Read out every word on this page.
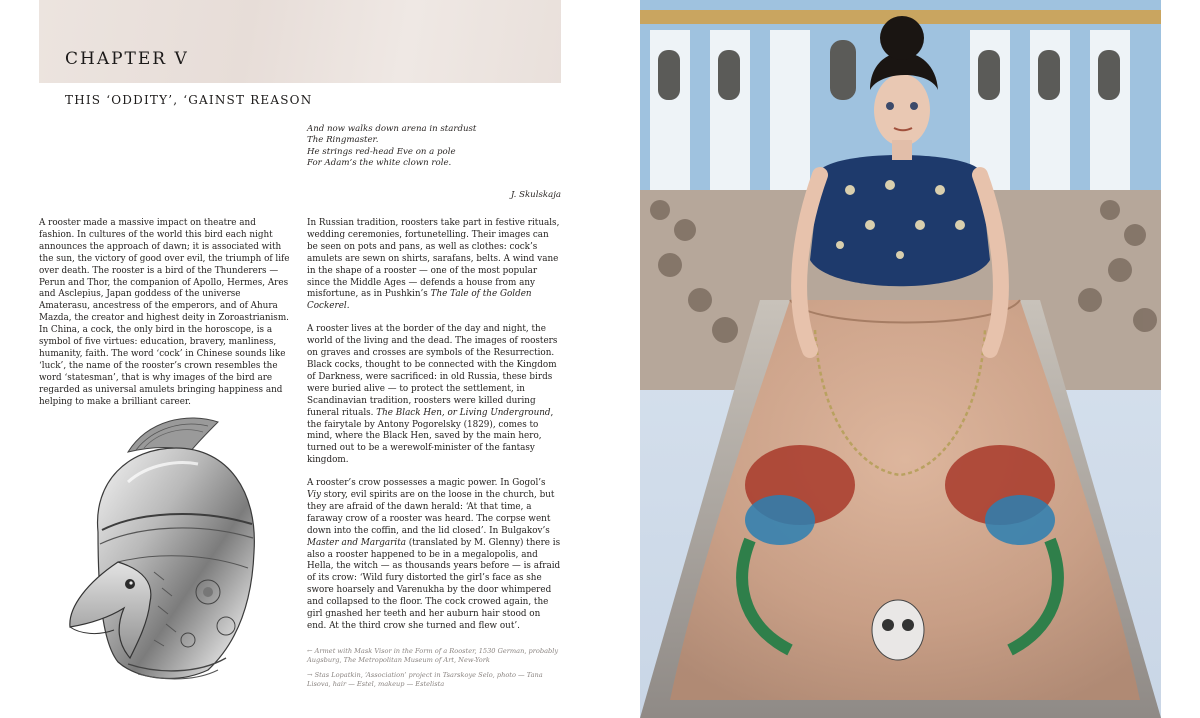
CHAPTER V
THIS ‘ODDITY’, ‘GAINST REASON
And now walks down arena in stardust
The Ringmaster.
He strings red-head Eve on a pole
For Adam’s the white clown role.
J. Skulskaja

A rooster made a massive impact on theatre and fashion. In cultures of the world this bird each night announces the approach of dawn; it is associated with the sun, the victory of good over evil, the triumph of life over death. The rooster is a bird of the Thunderers — Perun and Thor, the companion of Apollo, Hermes, Ares and Asclepius, Japan goddess of the universe Amaterasu, ancestress of the emperors, and of Ahura Mazda, the creator and highest deity in Zoroastrianism. In China, a cock, the only bird in the horoscope, is a symbol of five virtues: education, bravery, manliness, humanity, faith. The word ‘cock’ in Chinese sounds like ‘luck’, the name of the rooster’s crown resembles the word ‘statesman’, that is why images of the bird are regarded as universal amulets bringing happiness and helping to make a brilliant career.

In Russian tradition, roosters take part in festive rituals, wedding ceremonies, fortunetelling. Their images can be seen on pots and pans, as well as clothes: cock’s amulets are sewn on shirts, sarafans, belts. A wind vane in the shape of a rooster — one of the most popular since the Middle Ages — defends a house from any misfortune, as in Pushkin’s The Tale of the Golden Cockerel.

A rooster lives at the border of the day and night, the world of the living and the dead. The images of roosters on graves and crosses are symbols of the Resurrection. Black cocks, thought to be connected with the Kingdom of Darkness, were sacrificed: in old Russia, these birds were buried alive — to protect the settlement, in Scandinavian tradition, roosters were killed during funeral rituals. The Black Hen, or Living Underground, the fairytale by Antony Pogorelsky (1829), comes to mind, where the Black Hen, saved by the main hero, turned out to be a werewolf-minister of the fantasy kingdom.

A rooster’s crow possesses a magic power. In Gogol’s Viy story, evil spirits are on the loose in the church, but they are afraid of the dawn herald: ‘At that time, a faraway crow of a rooster was heard. The corpse went down into the coffin, and the lid closed’. In Bulgakov’s Master and Margarita (translated by M. Glenny) there is also a rooster happened to be in a megalopolis, and Hella, the witch — as thousands years before — is afraid of its crow: ‘Wild fury distorted the girl’s face as she swore hoarsely and Varenukha by the door whimpered and collapsed to the floor. The cock crowed again, the girl gnashed her teeth and her auburn hair stood on end. At the third crow she turned and flew out’.

← Armet with Mask Visor in the Form of a Rooster, 1530 German, probably Augsburg, The Metropolitan Museum of Art, New-York

→ Stas Lopatkin, ‘Association’ project in Tsarskoye Selo, photo — Tana Lisova, hair — Estel, makeup — Estelista
